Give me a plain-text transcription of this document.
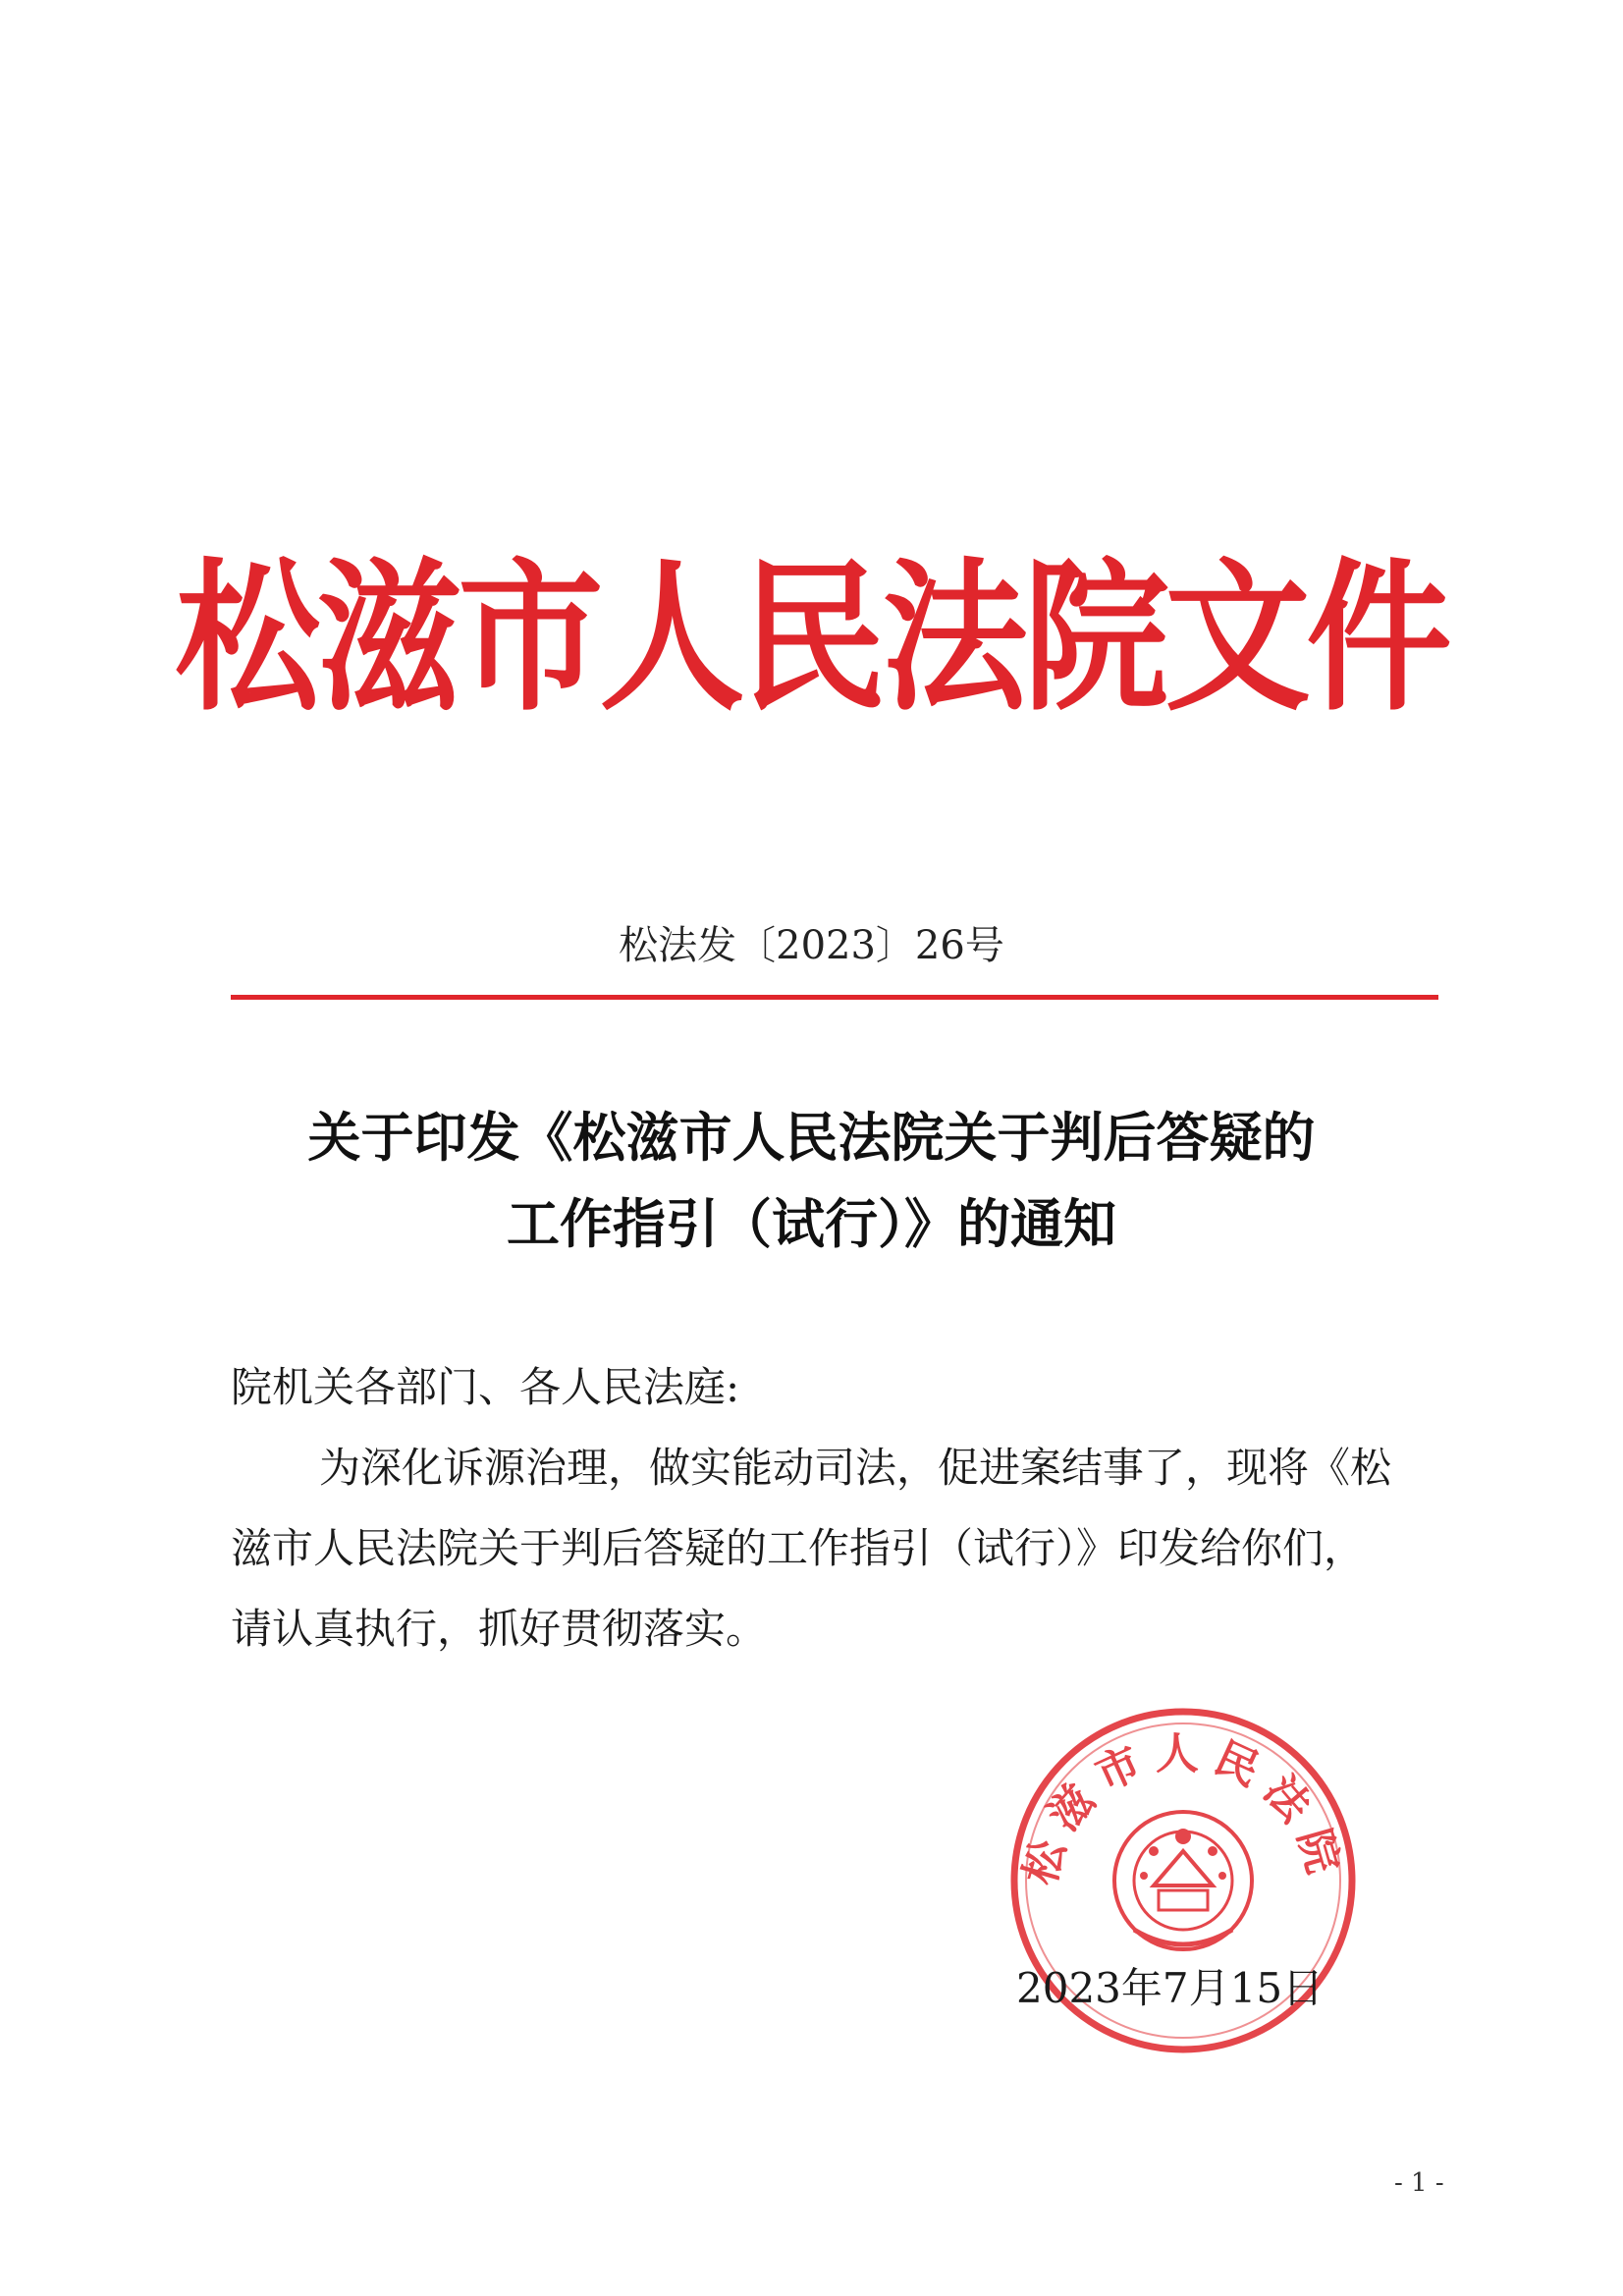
松滋市人民法院文件
松法发〔2023〕26号
关于印发《松滋市人民法院关于判后答疑的
工作指引（试行）》的通知
院机关各部门、各人民法庭:
为深化诉源治理，做实能动司法，促进案结事了，现将《松
滋市人民法院关于判后答疑的工作指引（试行）》印发给你们，
请认真执行，抓好贯彻落实。
松滋市人民法院
2023年7月15日
- 1 -
